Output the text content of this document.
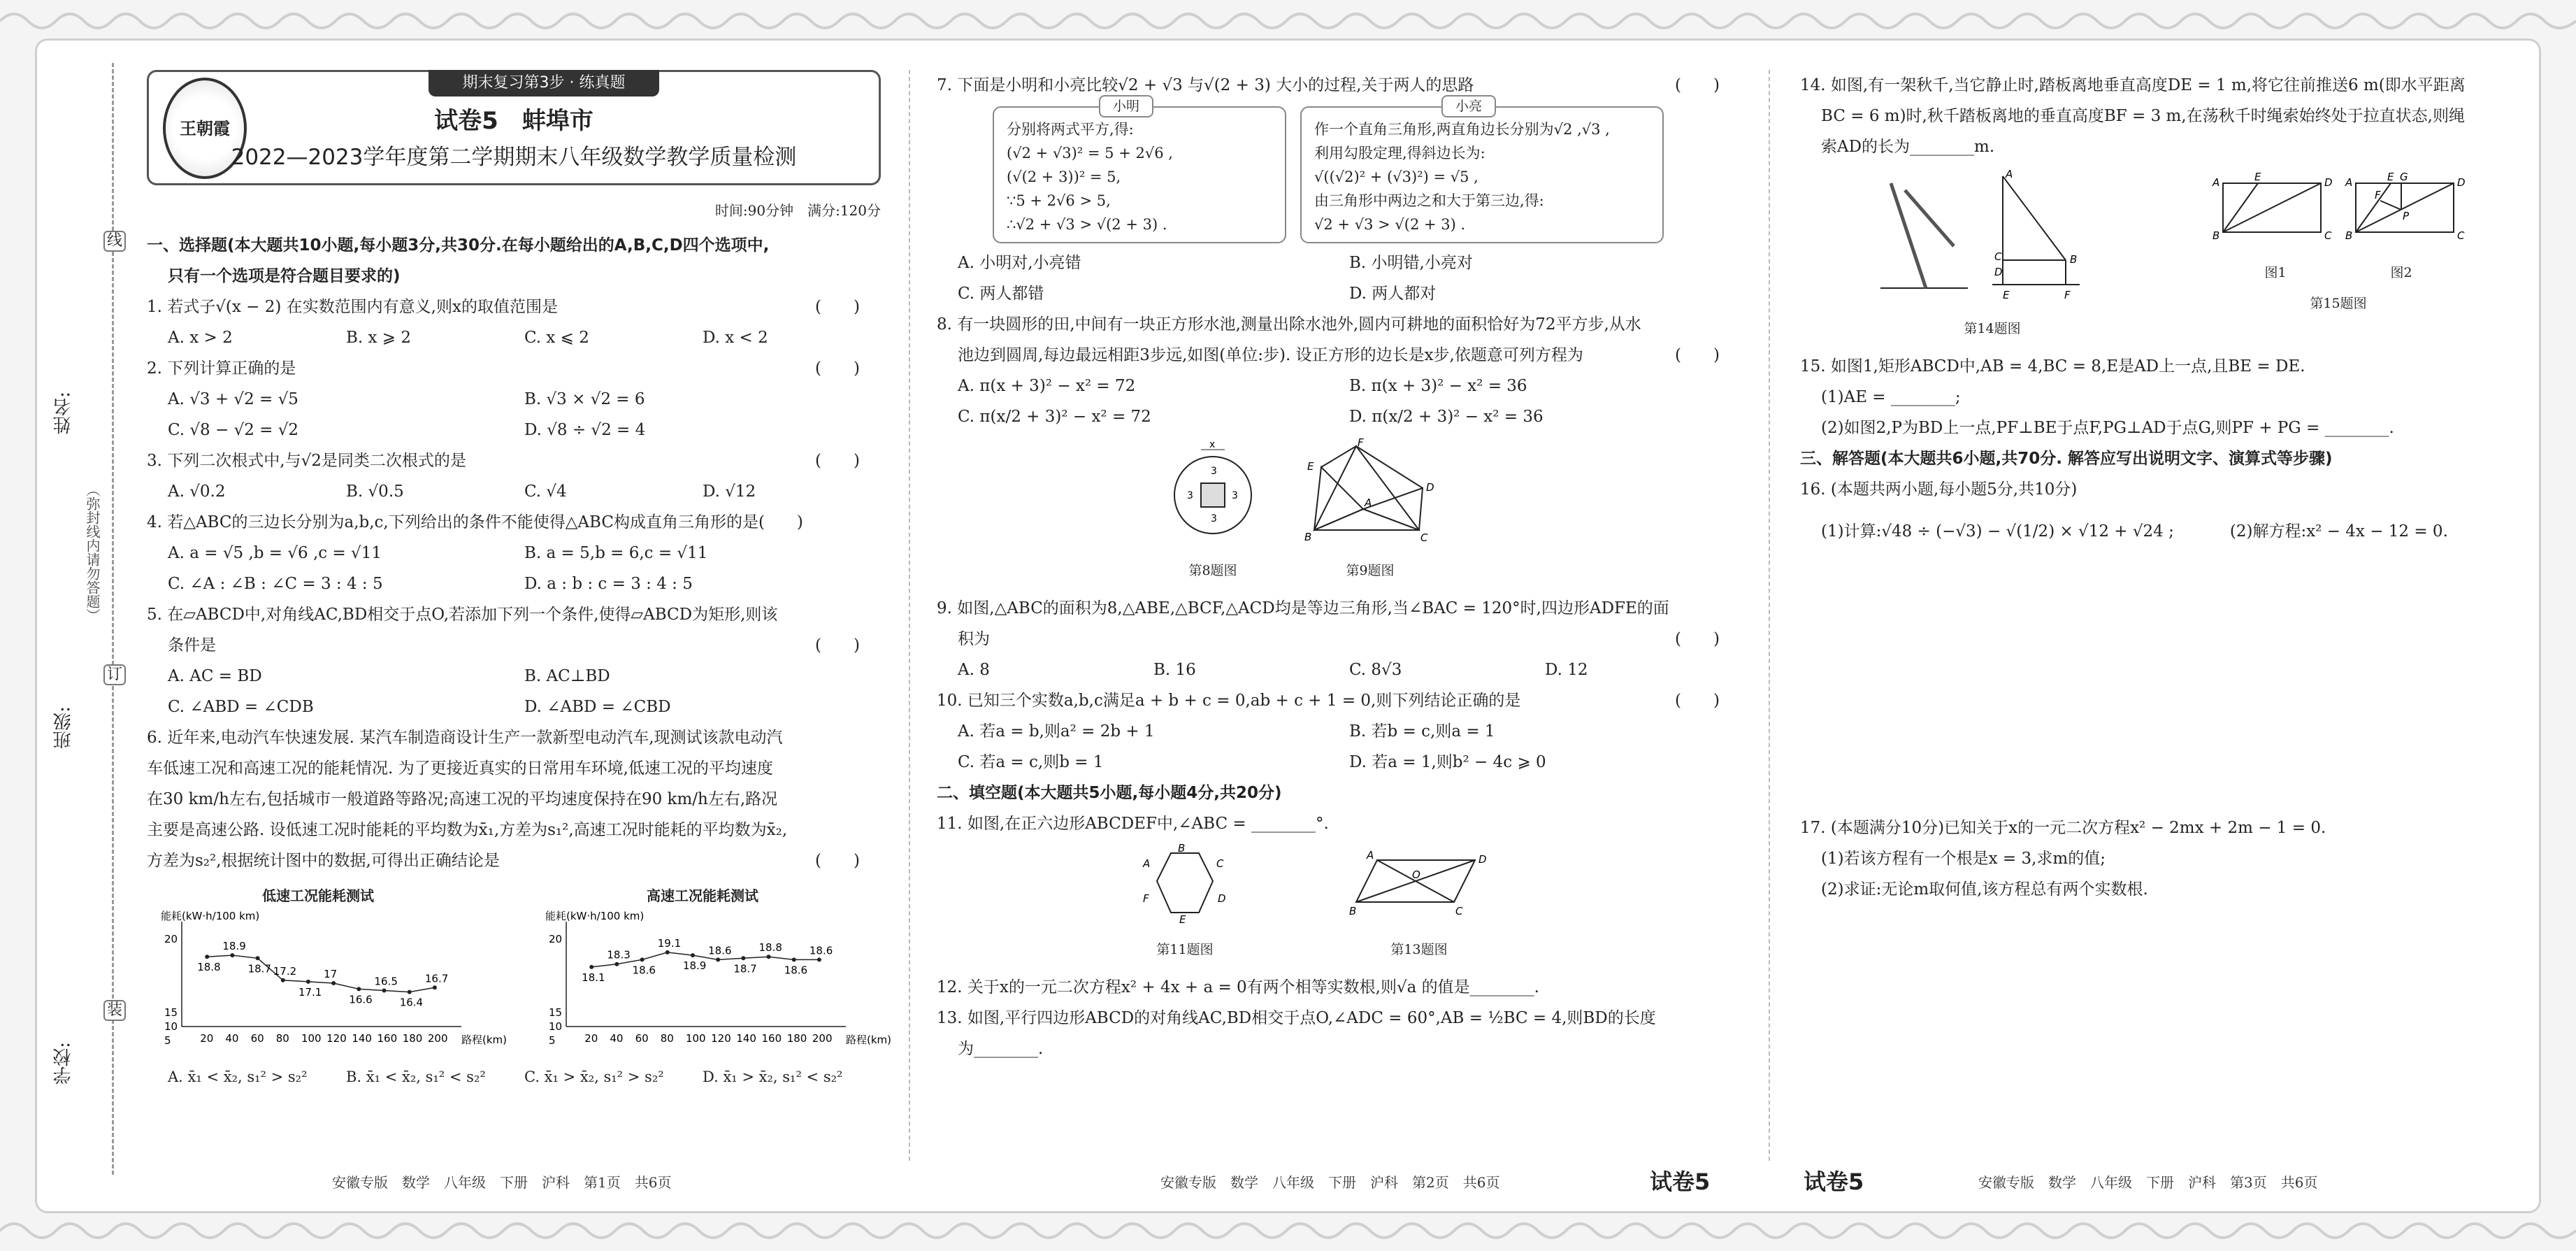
线
订
装
姓名:
班级:
学校:
（弥封线内请勿答题）
期末复习第3步 · 练真题
王朝霞	试卷5　蚌埠市
2022—2023学年度第二学期期末八年级数学教学质量检测
时间:90分钟　满分:120分
一、选择题(本大题共10小题,每小题3分,共30分.在每小题给出的A,B,C,D四个选项中,
只有一个选项是符合题目要求的)
1. 若式子√(x − 2) 在实数范围内有意义,则x的取值范围是	(　　)
A. x > 2	B. x ⩾ 2	C. x ⩽ 2	D. x < 2
2. 下列计算正确的是	(　　)
A. √3 + √2 = √5	B. √3 × √2 = 6
C. √8 − √2 = √2	D. √8 ÷ √2 = 4
3. 下列二次根式中,与√2是同类二次根式的是	(　　)
A. √0.2	B. √0.5	C. √4	D. √12
4. 若△ABC的三边长分别为a,b,c,下列给出的条件不能使得△ABC构成直角三角形的是(　　)
A. a = √5 ,b = √6 ,c = √11	B. a = 5,b = 6,c = √11
C. ∠A : ∠B : ∠C = 3 : 4 : 5	D. a : b : c = 3 : 4 : 5
5. 在▱ABCD中,对角线AC,BD相交于点O,若添加下列一个条件,使得▱ABCD为矩形,则该
条件是	(　　)
A. AC = BD	B. AC⊥BD
C. ∠ABD = ∠CDB	D. ∠ABD = ∠CBD
6. 近年来,电动汽车快速发展. 某汽车制造商设计生产一款新型电动汽车,现测试该款电动汽
车低速工况和高速工况的能耗情况. 为了更接近真实的日常用车环境,低速工况的平均速度
在30 km/h左右,包括城市一般道路等路况;高速工况的平均速度保持在90 km/h左右,路况
主要是高速公路. 设低速工况时能耗的平均数为x̄₁,方差为s₁²,高速工况时能耗的平均数为x̄₂,
方差为s₂²,根据统计图中的数据,可得出正确结论是	(　　)
低速工况能耗测试
能耗(kW·h/100 km)
路程(km)
20
15
10
5	20 40 60 80 100 120 140 160 180 200
18.8
18.9
18.7 17.2
17.1
17
16.6
16.5
16.4
16.7
高速工况能耗测试
能耗(kW·h/100 km)
路程(km)
20
15
10
5	20 40 60 80 100 120 140 160 180 200
18.1
18.3
18.6
19.1
18.9
18.6
18.7
18.8
18.6
18.6
A. x̄₁ < x̄₂, s₁² > s₂²	B. x̄₁ < x̄₂, s₁² < s₂²	C. x̄₁ > x̄₂, s₁² > s₂²	D. x̄₁ > x̄₂, s₁² < s₂²
7. 下面是小明和小亮比较√2 + √3 与√(2 + 3) 大小的过程,关于两人的思路	(　　)
小明
分别将两式平方,得:
(√2 + √3)² = 5 + 2√6 ,
(√(2 + 3))² = 5,
∵5 + 2√6 > 5,
∴√2 + √3 > √(2 + 3) .
小亮
作一个直角三角形,两直角边长分别为√2 ,√3 ,
利用勾股定理,得斜边长为:
√((√2)² + (√3)²) = √5 ,
由三角形中两边之和大于第三边,得:
√2 + √3 > √(2 + 3) .
A. 小明对,小亮错	B. 小明错,小亮对
C. 两人都错	D. 两人都对
8. 有一块圆形的田,中间有一块正方形水池,测量出除水池外,圆内可耕地的面积恰好为72平方步,从水
池边到圆周,每边最远相距3步远,如图(单位:步). 设正方形的边长是x步,依题意可列方程为	(　　)
A. π(x + 3)² − x² = 72	B. π(x + 3)² − x² = 36
C. π(x/2 + 3)² − x² = 72	D. π(x/2 + 3)² − x² = 36
x
3	3
3
3
第8题图
E
F
D
A
B	C
第9题图
9. 如图,△ABC的面积为8,△ABE,△BCF,△ACD均是等边三角形,当∠BAC = 120°时,四边形ADFE的面
积为	(　　)
A. 8	B. 16	C. 8√3	D. 12
10. 已知三个实数a,b,c满足a + b + c = 0,ab + c + 1 = 0,则下列结论正确的是	(　　)
A. 若a = b,则a² = 2b + 1	B. 若b = c,则a = 1
C. 若a = c,则b = 1	D. 若a = 1,则b² − 4c ⩾ 0
二、填空题(本大题共5小题,每小题4分,共20分)
11. 如图,在正六边形ABCDEF中,∠ABC = ________°.
A	C
B
D
F
E
第11题图
A	D
B	C
O
第13题图
12. 关于x的一元二次方程x² + 4x + a = 0有两个相等实数根,则√a 的值是________.
13. 如图,平行四边形ABCD的对角线AC,BD相交于点O,∠ADC = 60°,AB = ½BC = 4,则BD的长度
为________.
14. 如图,有一架秋千,当它静止时,踏板离地垂直高度DE = 1 m,将它往前推送6 m(即水平距离
BC = 6 m)时,秋千踏板离地的垂直高度BF = 3 m,在荡秋千时绳索始终处于拉直状态,则绳
索AD的长为________m.
A
B
C
D
E	F
第14题图
A	E	D
B	C
A	E G
F
P
D
B	C
图1	图2
第15题图
15. 如图1,矩形ABCD中,AB = 4,BC = 8,E是AD上一点,且BE = DE.
(1)AE = ________;
(2)如图2,P为BD上一点,PF⊥BE于点F,PG⊥AD于点G,则PF + PG = ________.
三、解答题(本大题共6小题,共70分. 解答应写出说明文字、演算式等步骤)
16. (本题共两小题,每小题5分,共10分)
(1)计算:√48 ÷ (−√3) − √(1/2) × √12 + √24 ;	(2)解方程:x² − 4x − 12 = 0.
17. (本题满分10分)已知关于x的一元二次方程x² − 2mx + 2m − 1 = 0.
(1)若该方程有一个根是x = 3,求m的值;
(2)求证:无论m取何值,该方程总有两个实数根.
安徽专版　数学　八年级　下册　沪科　第1页　共6页	安徽专版　数学　八年级　下册　沪科　第2页　共6页	试卷5	试卷5	安徽专版　数学　八年级　下册　沪科　第3页　共6页
